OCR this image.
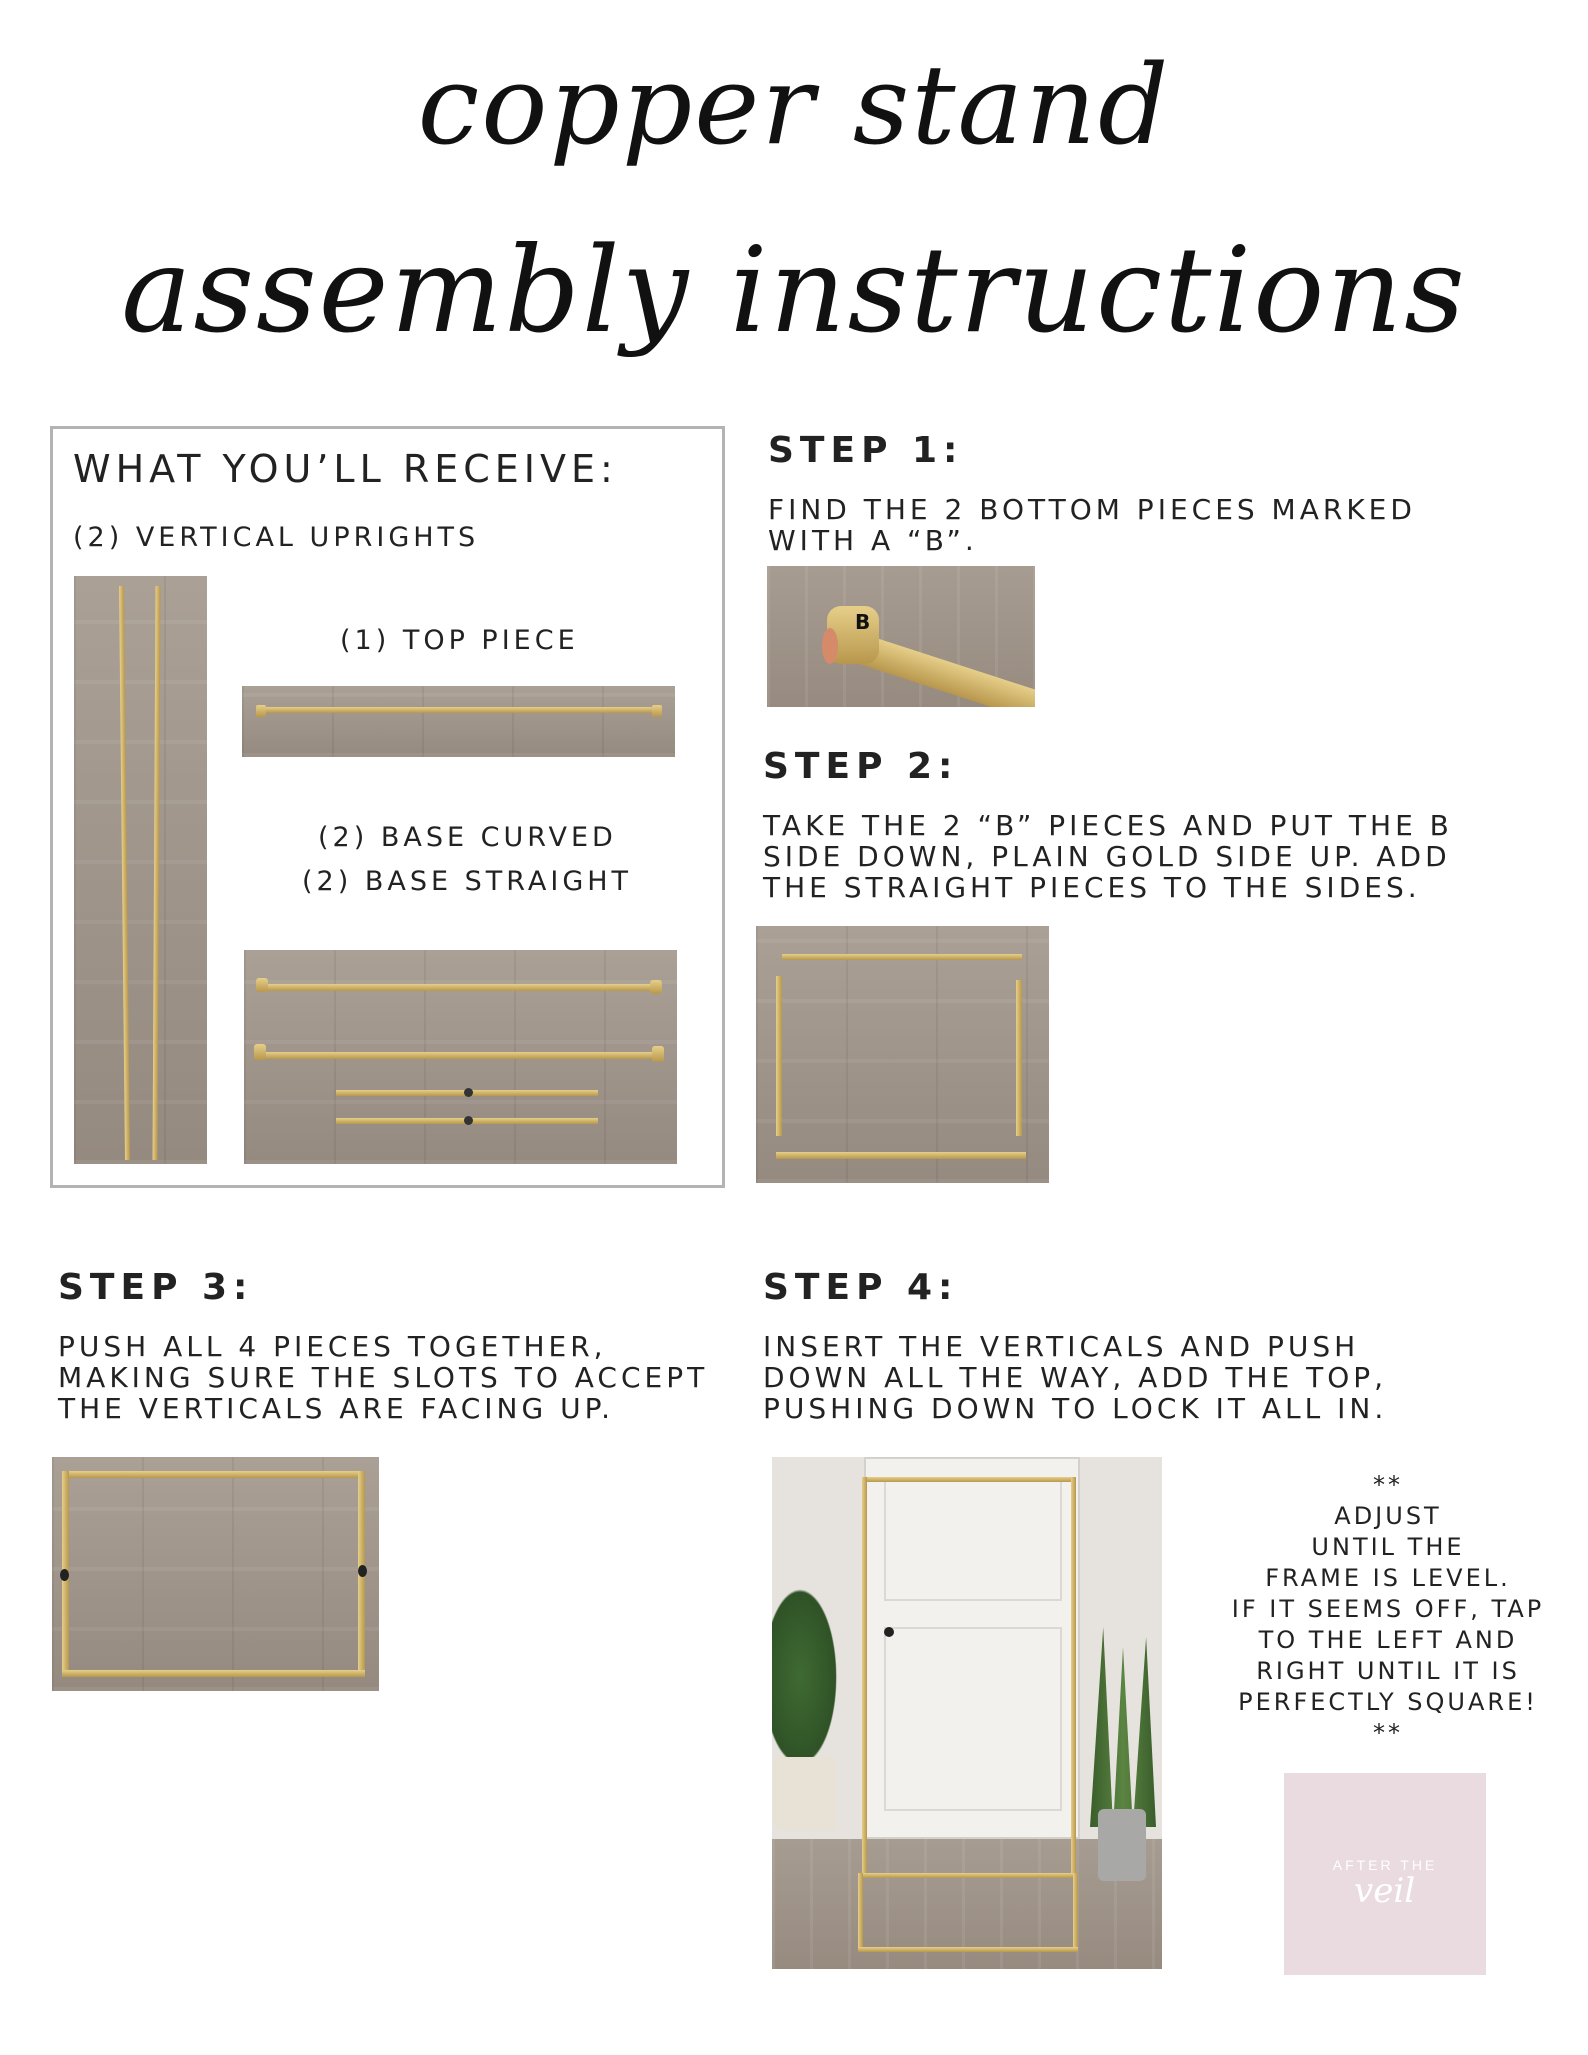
copper stand
assembly instructions
WHAT YOU’LL RECEIVE:
(2) VERTICAL UPRIGHTS
(1) TOP PIECE
(2) BASE CURVED
(2) BASE STRAIGHT
STEP 1:
FIND THE 2 BOTTOM PIECES MARKED WITH A “B”.
B
STEP 2:
TAKE THE 2 “B” PIECES AND PUT THE B SIDE DOWN, PLAIN GOLD SIDE UP. ADD THE STRAIGHT PIECES TO THE SIDES.
STEP 3:
PUSH ALL 4 PIECES TOGETHER, MAKING SURE THE SLOTS TO ACCEPT THE VERTICALS ARE FACING UP.
STEP 4:
INSERT THE VERTICALS AND PUSH DOWN ALL THE WAY, ADD THE TOP, PUSHING DOWN TO LOCK IT ALL IN.
**
ADJUST
UNTIL THE
FRAME IS LEVEL.
IF IT SEEMS OFF, TAP
TO THE LEFT AND
RIGHT UNTIL IT IS
PERFECTLY SQUARE!
**
AFTER THE
veil
